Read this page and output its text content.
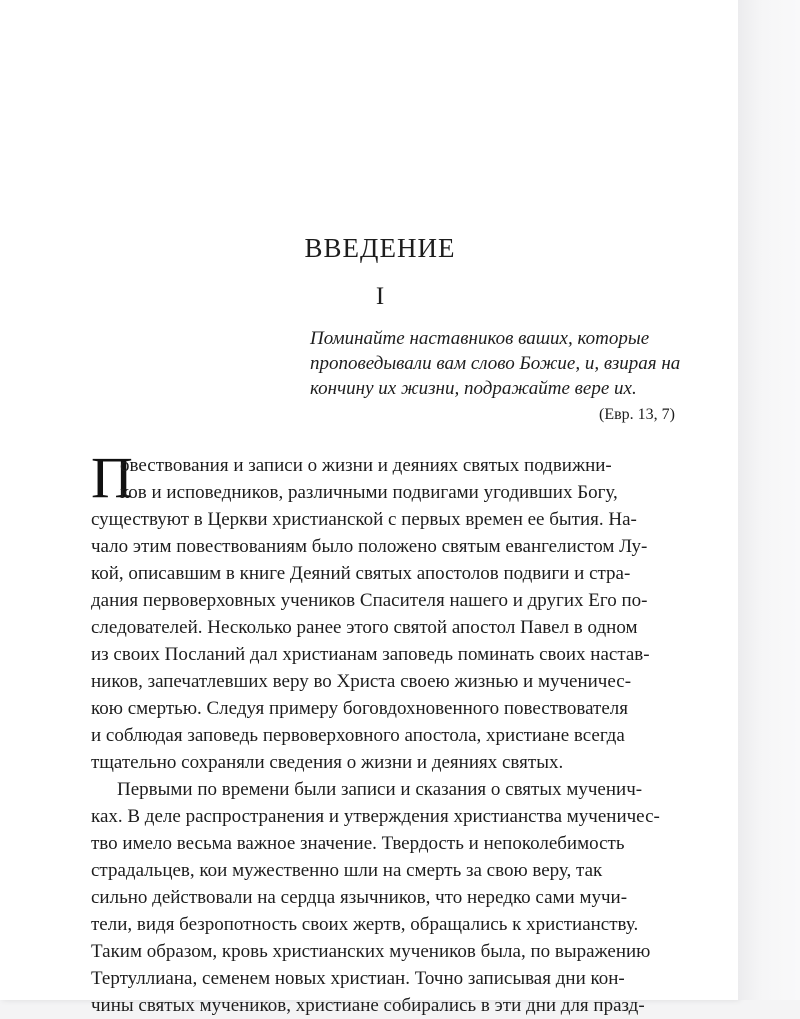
ВВЕДЕНИЕ
I
Поминайте наставников ваших, которые
проповедывали вам слово Божие, и, взирая на
кончину их жизни, подражайте вере их.
(Евр. 13, 7)
П
овествования и записи о жизни и деяниях святых подвижни-
ков и исповедников, различными подвигами угодивших Богу,
существуют в Церкви христианской с первых времен ее бытия. На-
чало этим повествованиям было положено святым евангелистом Лу-
кой, описавшим в книге Деяний святых апостолов подвиги и стра-
дания первоверховных учеников Спасителя нашего и других Его по-
следователей. Несколько ранее этого святой апостол Павел в одном
из своих Посланий дал христианам заповедь поминать своих настав-
ников, запечатлевших веру во Христа своею жизнью и мученичес-
кою смертью. Следуя примеру боговдохновенного повествователя
и соблюдая заповедь первоверховного апостола, христиане всегда
тщательно сохраняли сведения о жизни и деяниях святых.
Первыми по времени были записи и сказания о святых мученич-
ках. В деле распространения и утверждения христианства мученичес-
тво имело весьма важное значение. Твердость и непоколебимость
страдальцев, кои мужественно шли на смерть за свою веру, так
сильно действовали на сердца язычников, что нередко сами мучи-
тели, видя безропотность своих жертв, обращались к христианству.
Таким образом, кровь христианских мучеников была, по выражению
Тертуллиана, семенем новых христиан. Точно записывая дни кон-
чины святых мучеников, христиане собирались в эти дни для празд-
